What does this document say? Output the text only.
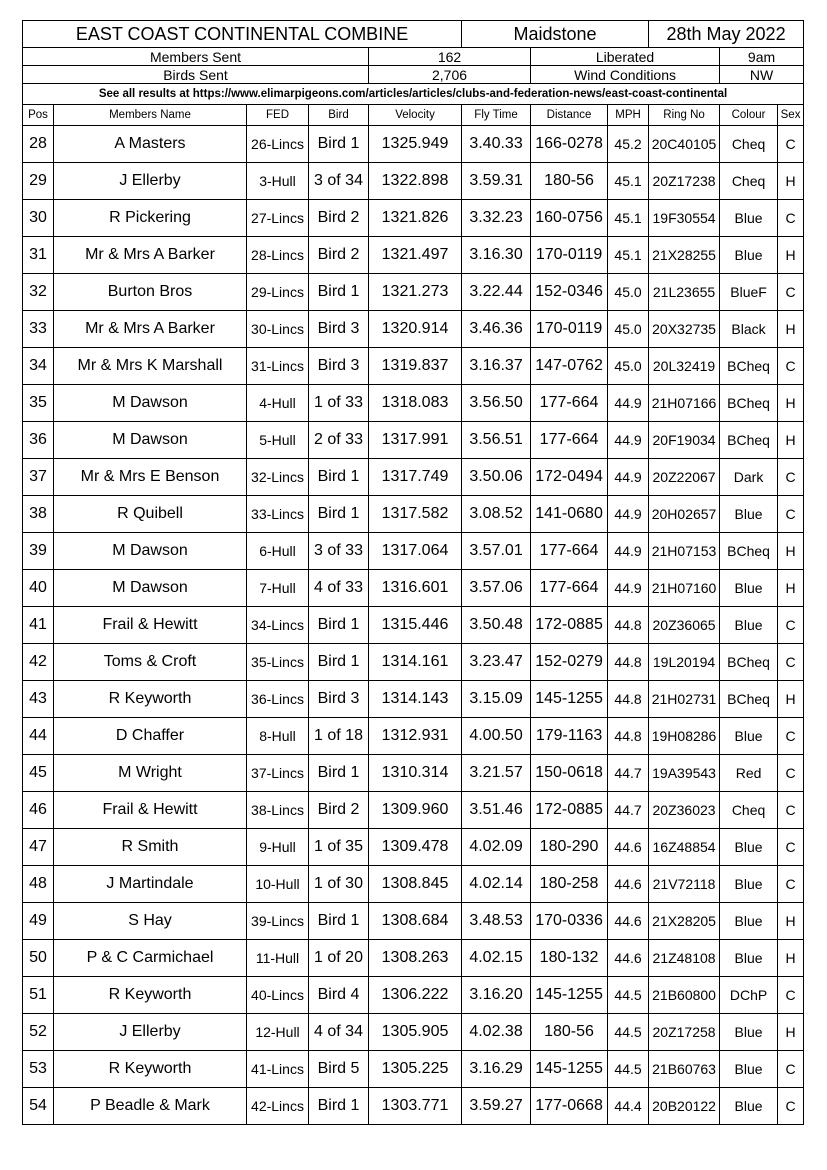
EAST COAST CONTINENTAL COMBINE					Maidstone			28th May 2022		
Members Sent				162		Liberated			9am	
Birds Sent				2,706		Wind Conditions			NW	
See all results at https://www.elimarpigeons.com/articles/articles/clubs-and-federation-news/east-coast-continental										
Pos	Members Name	FED	Bird	Velocity	Fly Time	Distance	MPH	Ring No	Colour	Sex
28	A Masters	26-Lincs	Bird 1	1325.949	3.40.33	166-0278	45.2	20C40105	Cheq	C
29	J Ellerby	3-Hull	3 of 34	1322.898	3.59.31	180-56	45.1	20Z17238	Cheq	H
30	R Pickering	27-Lincs	Bird 2	1321.826	3.32.23	160-0756	45.1	19F30554	Blue	C
31	Mr & Mrs A Barker	28-Lincs	Bird 2	1321.497	3.16.30	170-0119	45.1	21X28255	Blue	H
32	Burton Bros	29-Lincs	Bird 1	1321.273	3.22.44	152-0346	45.0	21L23655	BlueF	C
33	Mr & Mrs A Barker	30-Lincs	Bird 3	1320.914	3.46.36	170-0119	45.0	20X32735	Black	H
34	Mr & Mrs K Marshall	31-Lincs	Bird 3	1319.837	3.16.37	147-0762	45.0	20L32419	BCheq	C
35	M Dawson	4-Hull	1 of 33	1318.083	3.56.50	177-664	44.9	21H07166	BCheq	H
36	M Dawson	5-Hull	2 of 33	1317.991	3.56.51	177-664	44.9	20F19034	BCheq	H
37	Mr & Mrs E Benson	32-Lincs	Bird 1	1317.749	3.50.06	172-0494	44.9	20Z22067	Dark	C
38	R Quibell	33-Lincs	Bird 1	1317.582	3.08.52	141-0680	44.9	20H02657	Blue	C
39	M Dawson	6-Hull	3 of 33	1317.064	3.57.01	177-664	44.9	21H07153	BCheq	H
40	M Dawson	7-Hull	4 of 33	1316.601	3.57.06	177-664	44.9	21H07160	Blue	H
41	Frail & Hewitt	34-Lincs	Bird 1	1315.446	3.50.48	172-0885	44.8	20Z36065	Blue	C
42	Toms & Croft	35-Lincs	Bird 1	1314.161	3.23.47	152-0279	44.8	19L20194	BCheq	C
43	R Keyworth	36-Lincs	Bird 3	1314.143	3.15.09	145-1255	44.8	21H02731	BCheq	H
44	D Chaffer	8-Hull	1 of 18	1312.931	4.00.50	179-1163	44.8	19H08286	Blue	C
45	M Wright	37-Lincs	Bird 1	1310.314	3.21.57	150-0618	44.7	19A39543	Red	C
46	Frail & Hewitt	38-Lincs	Bird 2	1309.960	3.51.46	172-0885	44.7	20Z36023	Cheq	C
47	R Smith	9-Hull	1 of 35	1309.478	4.02.09	180-290	44.6	16Z48854	Blue	C
48	J Martindale	10-Hull	1 of 30	1308.845	4.02.14	180-258	44.6	21V72118	Blue	C
49	S Hay	39-Lincs	Bird 1	1308.684	3.48.53	170-0336	44.6	21X28205	Blue	H
50	P & C Carmichael	11-Hull	1 of 20	1308.263	4.02.15	180-132	44.6	21Z48108	Blue	H
51	R Keyworth	40-Lincs	Bird 4	1306.222	3.16.20	145-1255	44.5	21B60800	DChP	C
52	J Ellerby	12-Hull	4 of 34	1305.905	4.02.38	180-56	44.5	20Z17258	Blue	H
53	R Keyworth	41-Lincs	Bird 5	1305.225	3.16.29	145-1255	44.5	21B60763	Blue	C
54	P Beadle & Mark	42-Lincs	Bird 1	1303.771	3.59.27	177-0668	44.4	20B20122	Blue	C
